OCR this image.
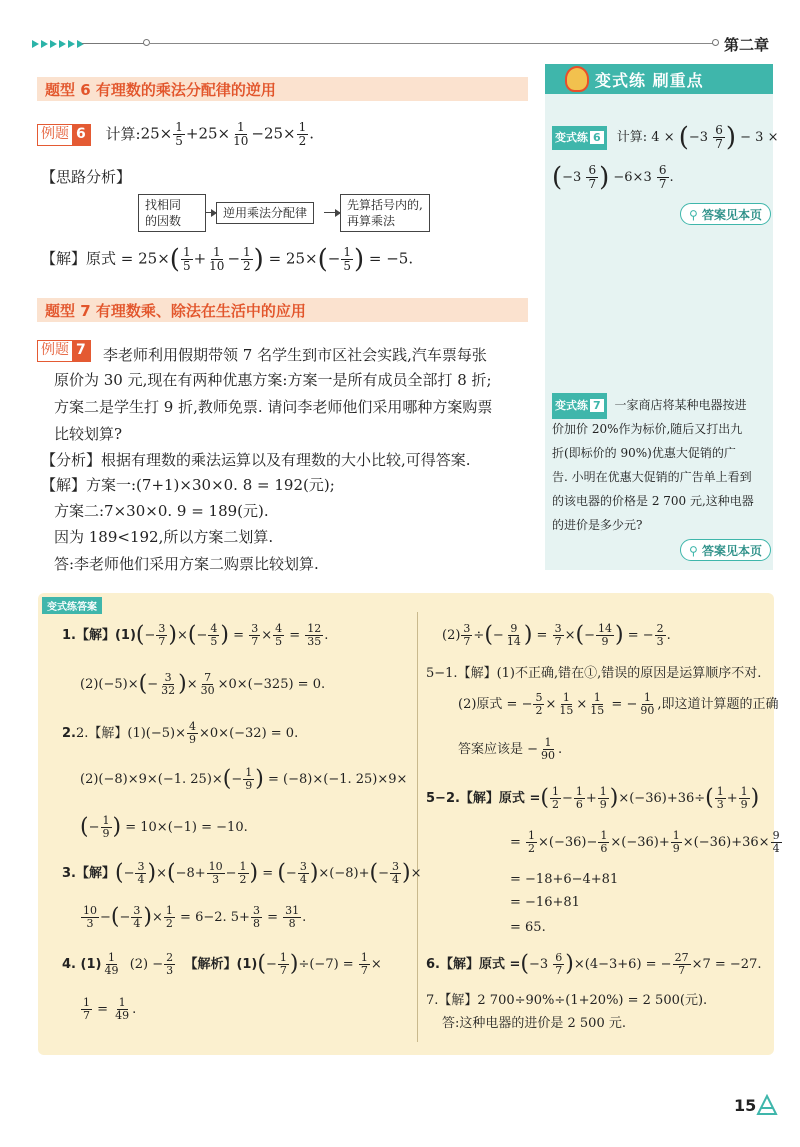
第二章
题型 6 有理数的乘法分配律的逆用
例题 6 计算:25× $\frac{1}{5} +25\times \frac{1}{10} -25\times \frac{1}{2}$ .
【思路分析】
找相同
的因数
逆用乘法分配律
先算括号内的,
再算乘法
【解】原式 = $25\times( \frac{1}{5} + \frac{1}{10} - \frac{1}{2}$ ) = $25\times(- \frac{1}{5}$ ) = −5.
题型 7 有理数乘、除法在生活中的应用
例题 7 李老师利用假期带领 7 名学生到市区社会实践,汽车票每张
原价为 30 元,现在有两种优惠方案:方案一是所有成员全部打 8 折;
方案二是学生打 9 折,教师免票. 请问李老师他们采用哪种方案购票
比较划算?
【分析】根据有理数的乘法运算以及有理数的大小比较,可得答案.
【解】方案一:(7+1)×30×0. 8 = 192(元);
方案二:7×30×0. 9 = 189(元).
因为 189<192,所以方案二划算.
答:李老师他们采用方案二购票比较划算.
变式练 刷重点
变式练 6 计算: $4 \times (-3 \frac{6}{7}$ ) − 3 ×
($-3 \frac{6}{7}$ ) $-6\times 3 \frac{6}{7}$ .
⚲ 答案见本页
变式练 7 一家商店将某种电器按进
价加价 20%作为标价,随后又打出九
折(即标价的 90%)优惠大促销的广
告. 小明在优惠大促销的广告单上看到
的该电器的价格是 2 700 元,这种电器
的进价是多少元?
⚲ 答案见本页
变式练答案
1.【解】$(1)(- \frac{3}{7}$ )×(− $\frac{4}{5}$ ) = $\frac{3}{7} \times \frac{4}{5} = \frac{12}{35}$ .
$(2)(-5)\times(- \frac{3}{32}$ )× $\frac{7}{30} \times 0\times(-325) = 0$.
2.2.【解】$(1)(-5)\times \frac{4}{9} \times 0\times(-32) = 0$.
(2)(−8)×9×(−1. $25)\times(- \frac{1}{9}$ ) = (−8)×(−1. 25)×9×
(− $\frac{1}{9}$ ) = 10×(−1) = −10.
3.【解】(− $\frac{3}{4} )\times(-8+ \frac{10}{3} - \frac{1}{2}$ ) = (− $\frac{3}{4} )\times(-8)+(- \frac{3}{4}$ )×
$\frac{10}{3}$ −(− $\frac{3}{4}$ )× $\frac{1}{2} = 6-2$. $5+ \frac{3}{8} = \frac{31}{8}$ .
4. $(1) \frac{1}{49} (2) - \frac{2}{3}$ 【解析】$(1)(- \frac{1}{7} )\div(-7) = \frac{1}{7}$ ×
$\frac{1}{7} = \frac{1}{49}$ .
$(2) \frac{3}{7}$ ÷(− $\frac{9}{14}$ ) = $\frac{3}{7}$ ×(− $\frac{14}{9}$ ) = − $\frac{2}{3}$ .
5−1.【解】(1)不正确,错在①,错误的原因是运算顺序不对.
(2)原式 = − $\frac{5}{2} \times \frac{1}{15} \times \frac{1}{15}$ = − $\frac{1}{90}$ ,即这道计算题的正确
答案应该是 − $\frac{1}{90}$ .
5−2.【解】原式 =( $\frac{1}{2} - \frac{1}{6} + \frac{1}{9} )\times(-36)+36\div( \frac{1}{3} + \frac{1}{9}$ )
= $\frac{1}{2} \times(-36)- \frac{1}{6} \times(-36)+ \frac{1}{9} \times(-36)+36\times \frac{9}{4}$
= −18+6−4+81
= −16+81
= 65.
6.【解】原式 $=(-3 \frac{6}{7} )\times(4-3+6)$ = − $\frac{27}{7} \times 7 = -27$.
7.【解】2 700÷90%÷(1+20%) = 2 500(元).
答:这种电器的进价是 2 500 元.
15
